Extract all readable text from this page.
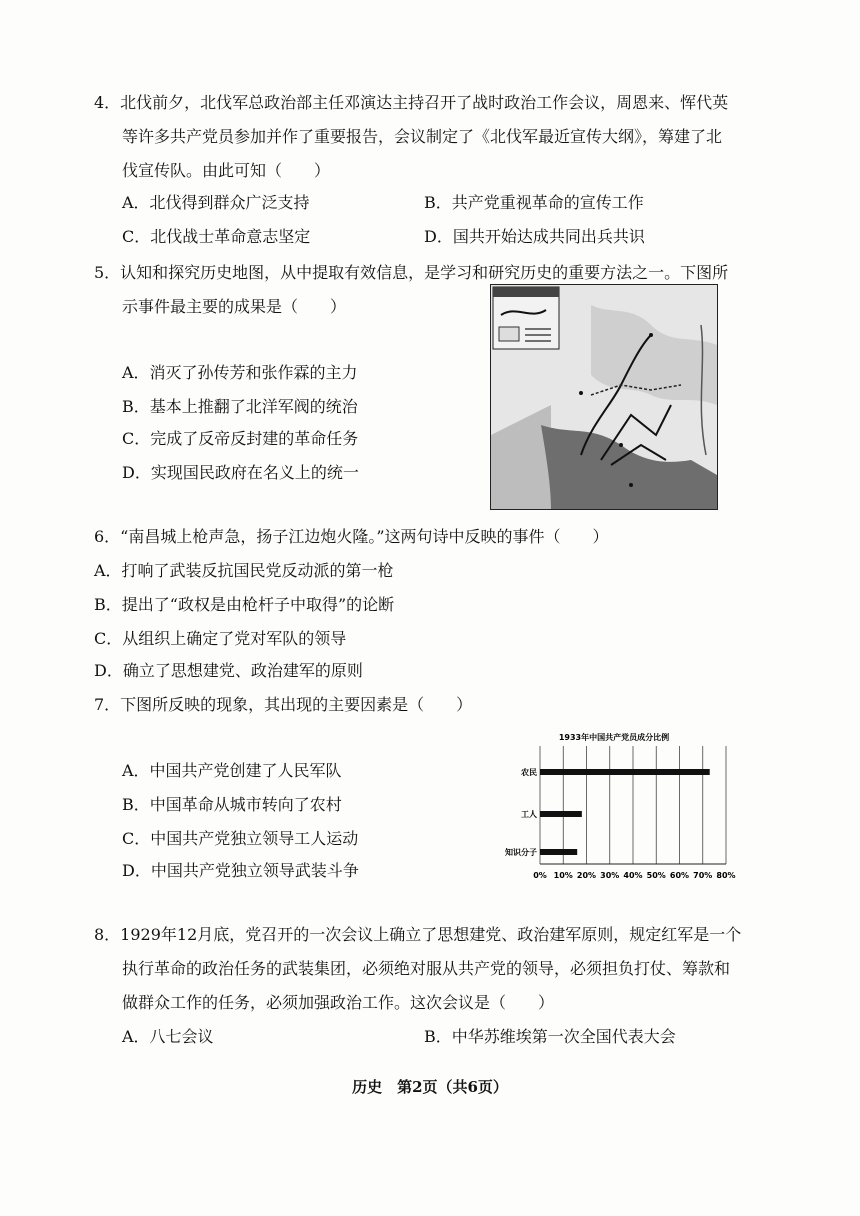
4．北伐前夕，北伐军总政治部主任邓演达主持召开了战时政治工作会议，周恩来、恽代英
等许多共产党员参加并作了重要报告，会议制定了《北伐军最近宣传大纲》，筹建了北
伐宣传队。由此可知（　　）
A．北伐得到群众广泛支持	B．共产党重视革命的宣传工作
C．北伐战士革命意志坚定	D．国共开始达成共同出兵共识
5．认知和探究历史地图，从中提取有效信息，是学习和研究历史的重要方法之一。下图所
示事件最主要的成果是（　　）
A．消灭了孙传芳和张作霖的主力
B．基本上推翻了北洋军阀的统治
C．完成了反帝反封建的革命任务
D．实现国民政府在名义上的统一
6．“南昌城上枪声急，扬子江边炮火隆。”这两句诗中反映的事件（　　）
A．打响了武装反抗国民党反动派的第一枪
B．提出了“政权是由枪杆子中取得”的论断
C．从组织上确定了党对军队的领导
D．确立了思想建党、政治建军的原则
7．下图所反映的现象，其出现的主要因素是（　　）
A．中国共产党创建了人民军队
B．中国革命从城市转向了农村
C．中国共产党独立领导工人运动
D．中国共产党独立领导武装斗争
1933年中国共产党员成分比例
0% 10% 20% 30% 40% 50% 60% 70% 80%
农民
工人
知识分子
8．1929年12月底，党召开的一次会议上确立了思想建党、政治建军原则，规定红军是一个
执行革命的政治任务的武装集团，必须绝对服从共产党的领导，必须担负打仗、筹款和
做群众工作的任务，必须加强政治工作。这次会议是（　　）
A．八七会议	B．中华苏维埃第一次全国代表大会
历史　第2页（共6页）
